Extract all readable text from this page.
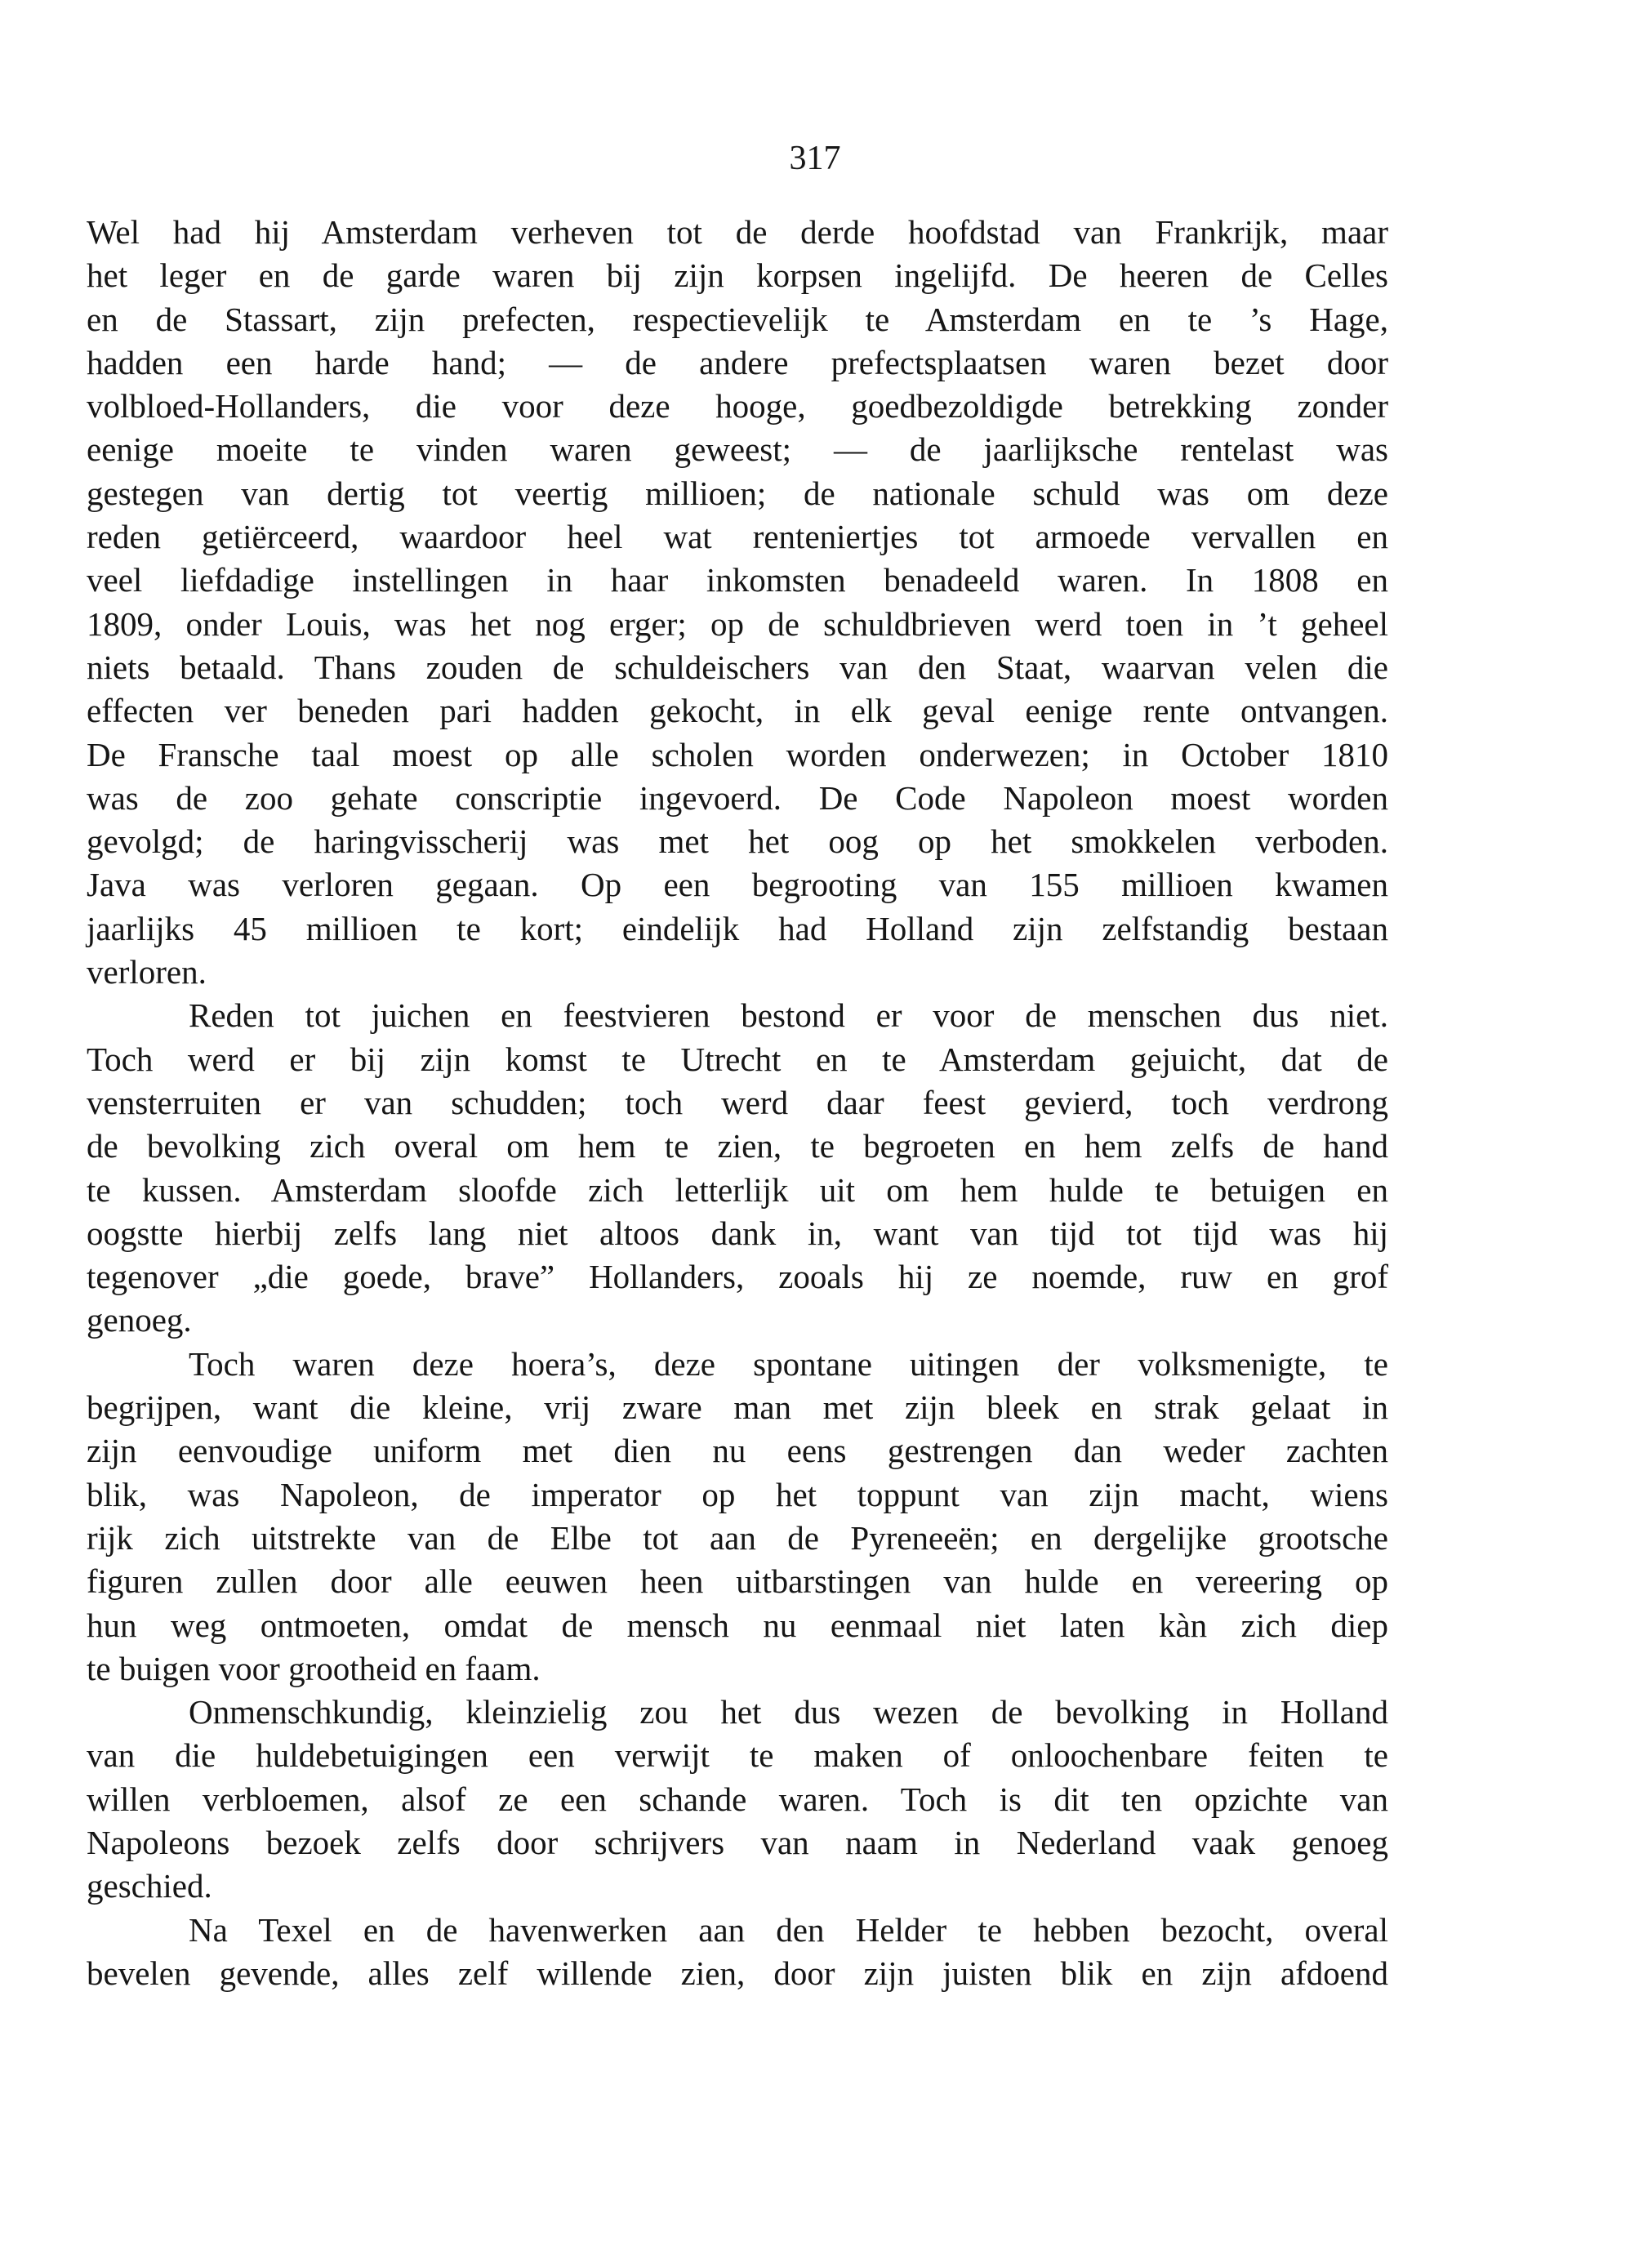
317
Wel had hij Amsterdam verheven tot de derde hoofdstad van Frankrijk, maar
het leger en de garde waren bij zijn korpsen ingelijfd. De heeren de Celles
en de Stassart, zijn prefecten, respectievelijk te Amsterdam en te ’s Hage,
hadden een harde hand; — de andere prefectsplaatsen waren bezet door
volbloed-Hollanders, die voor deze hooge, goedbezoldigde betrekking zonder
eenige moeite te vinden waren geweest; — de jaarlijksche rentelast was
gestegen van dertig tot veertig millioen; de nationale schuld was om deze
reden getiërceerd, waardoor heel wat renteniertjes tot armoede vervallen en
veel liefdadige instellingen in haar inkomsten benadeeld waren. In 1808 en
1809, onder Louis, was het nog erger; op de schuldbrieven werd toen in ’t geheel
niets betaald. Thans zouden de schuldeischers van den Staat, waarvan velen die
effecten ver beneden pari hadden gekocht, in elk geval eenige rente ontvangen.
De Fransche taal moest op alle scholen worden onderwezen; in October 1810
was de zoo gehate conscriptie ingevoerd. De Code Napoleon moest worden
gevolgd; de haringvisscherij was met het oog op het smokkelen verboden.
Java was verloren gegaan. Op een begrooting van 155 millioen kwamen
jaarlijks 45 millioen te kort; eindelijk had Holland zijn zelfstandig bestaan
verloren.
Reden tot juichen en feestvieren bestond er voor de menschen dus niet.
Toch werd er bij zijn komst te Utrecht en te Amsterdam gejuicht, dat de
vensterruiten er van schudden; toch werd daar feest gevierd, toch verdrong
de bevolking zich overal om hem te zien, te begroeten en hem zelfs de hand
te kussen. Amsterdam sloofde zich letterlijk uit om hem hulde te betuigen en
oogstte hierbij zelfs lang niet altoos dank in, want van tijd tot tijd was hij
tegenover „die goede, brave” Hollanders, zooals hij ze noemde, ruw en grof
genoeg.
Toch waren deze hoera’s, deze spontane uitingen der volksmenigte, te
begrijpen, want die kleine, vrij zware man met zijn bleek en strak gelaat in
zijn eenvoudige uniform met dien nu eens gestrengen dan weder zachten
blik, was Napoleon, de imperator op het toppunt van zijn macht, wiens
rijk zich uitstrekte van de Elbe tot aan de Pyreneeën; en dergelijke grootsche
figuren zullen door alle eeuwen heen uitbarstingen van hulde en vereering op
hun weg ontmoeten, omdat de mensch nu eenmaal niet laten kàn zich diep
te buigen voor grootheid en faam.
Onmenschkundig, kleinzielig zou het dus wezen de bevolking in Holland
van die huldebetuigingen een verwijt te maken of onloochenbare feiten te
willen verbloemen, alsof ze een schande waren. Toch is dit ten opzichte van
Napoleons bezoek zelfs door schrijvers van naam in Nederland vaak genoeg
geschied.
Na Texel en de havenwerken aan den Helder te hebben bezocht, overal
bevelen gevende, alles zelf willende zien, door zijn juisten blik en zijn afdoend
